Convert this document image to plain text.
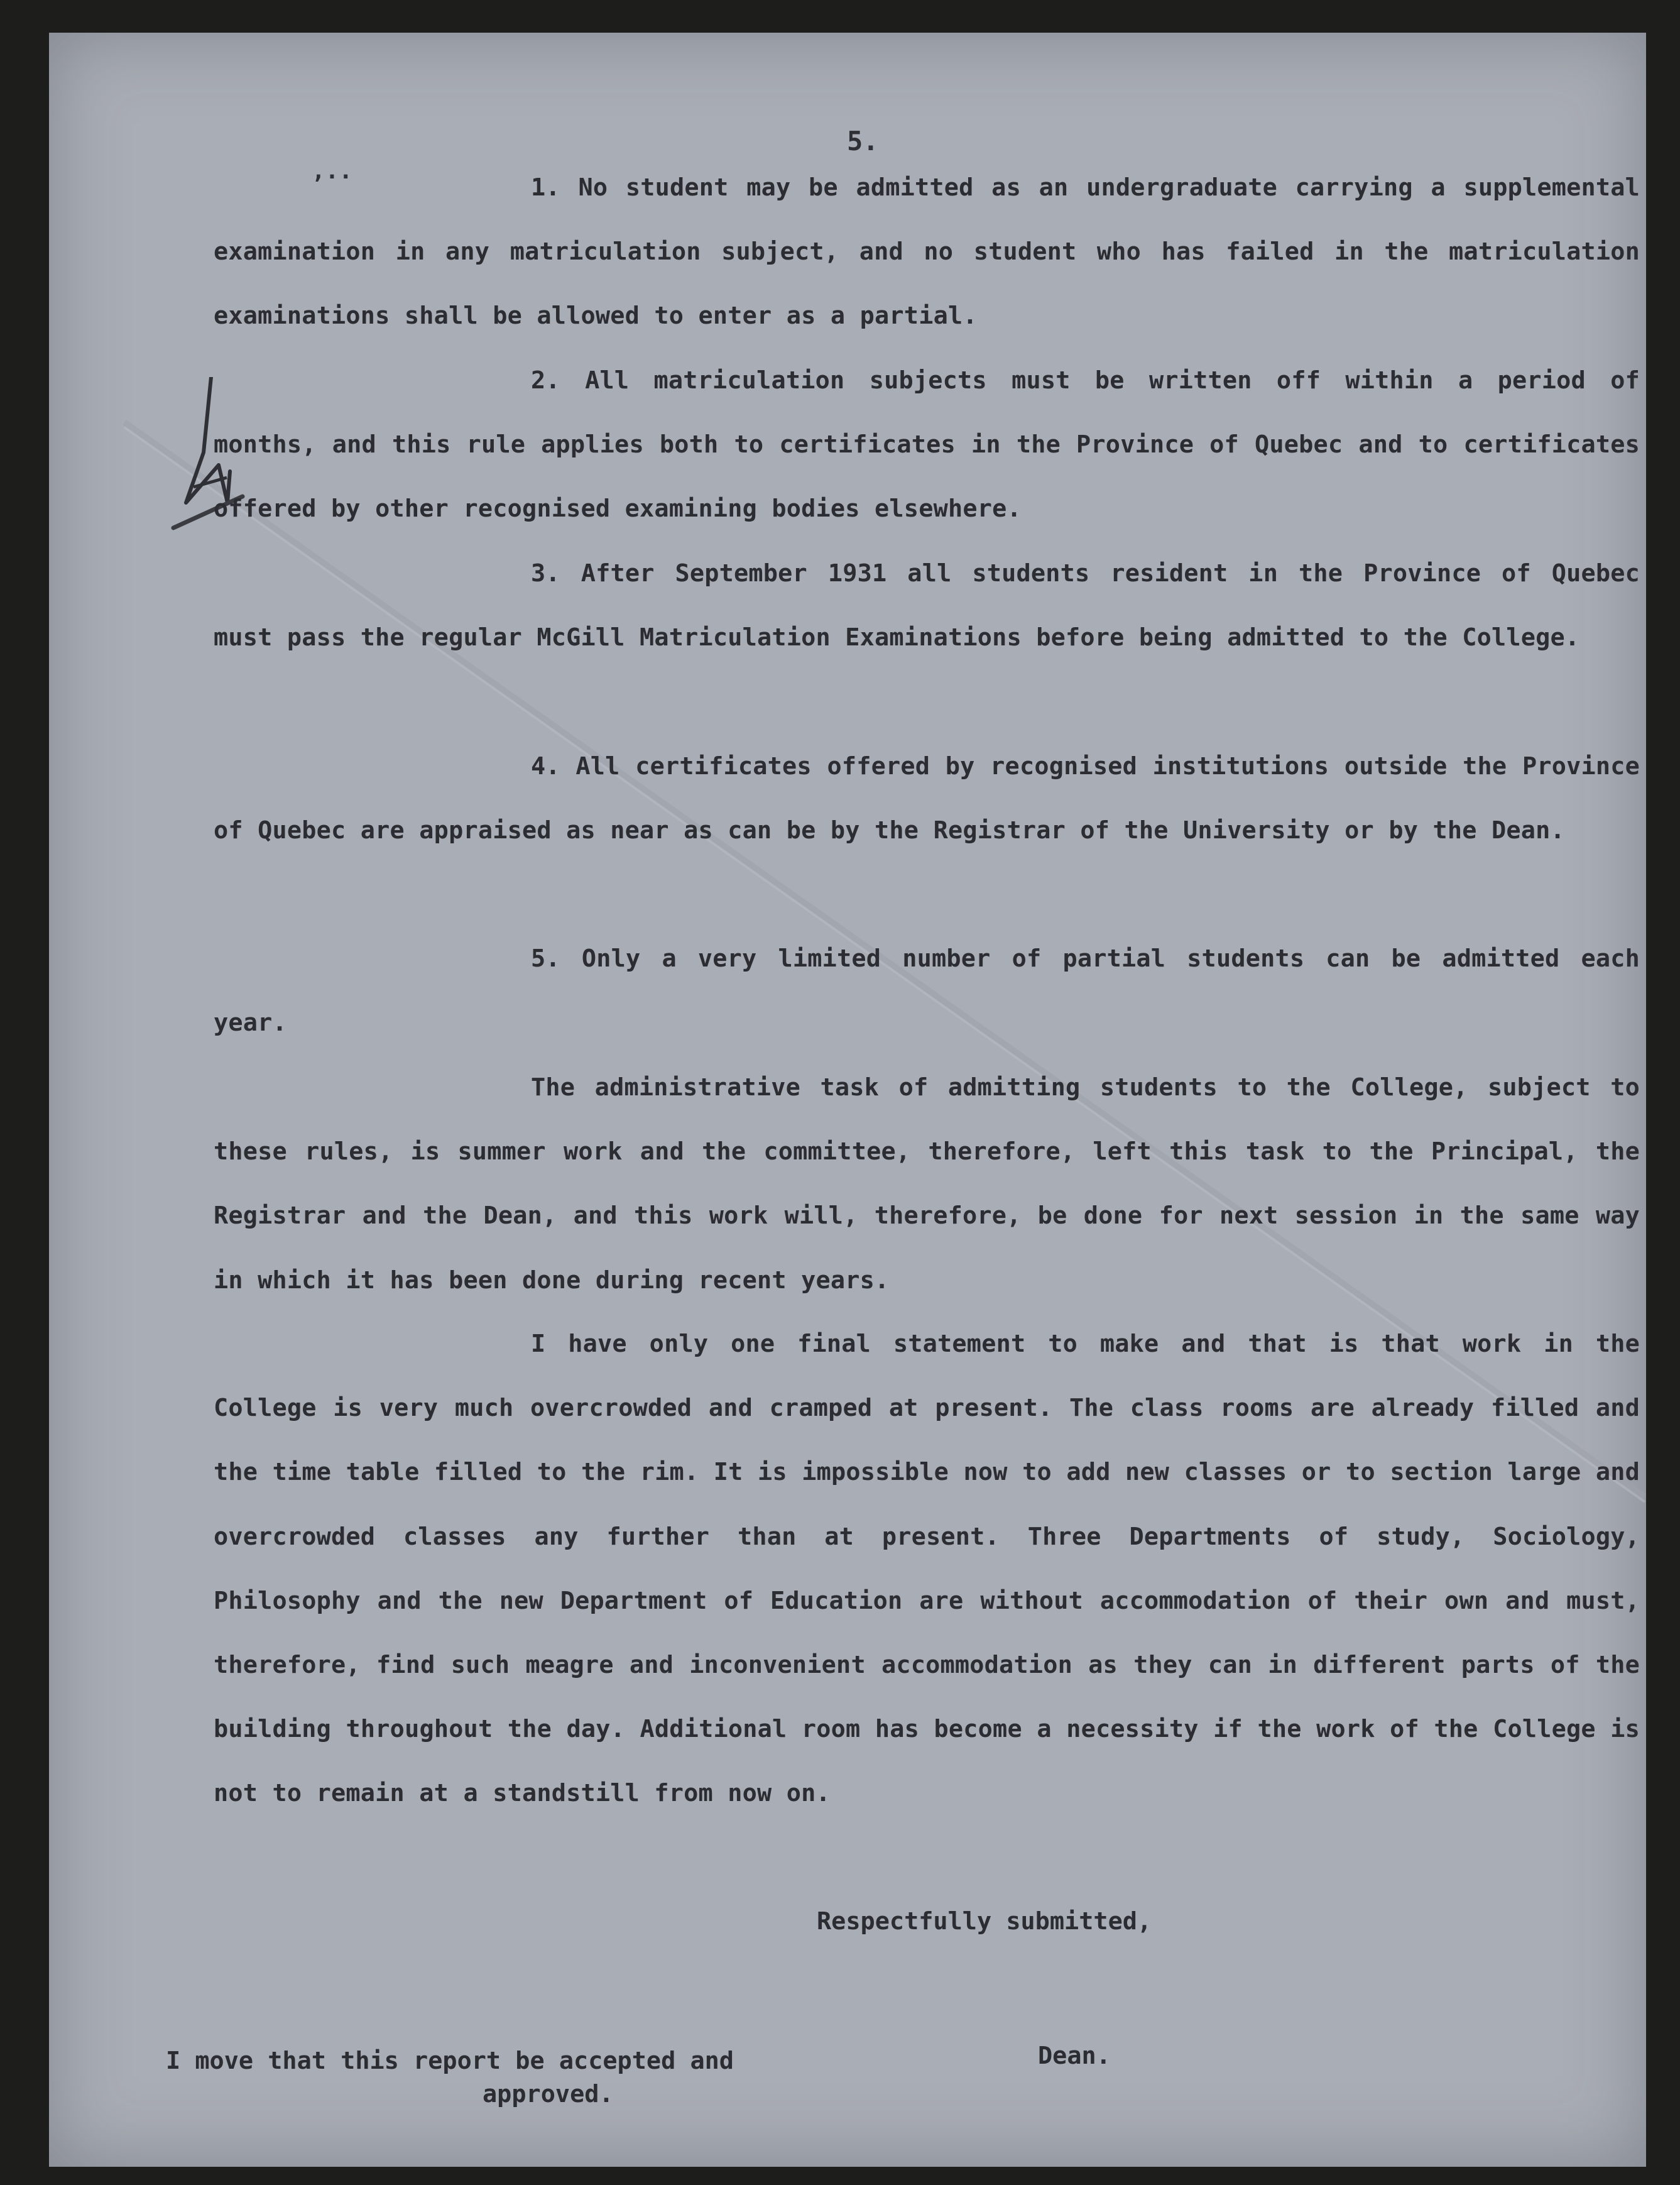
5.
,..

1. No student may be admitted as an undergraduate carrying a supplemental examination in any matriculation subject, and no student who has failed in the matriculation examinations shall be allowed to enter as a partial.

2. All matriculation subjects must be written off within a period of months, and this rule applies both to certificates in the Province of Quebec and to certificates offered by other recognised examining bodies elsewhere.

3. After September 1931 all students resident in the Province of Quebec must pass the regular McGill Matriculation Examinations before being admitted to the College.

4. All certificates offered by recognised institutions outside the Province of Quebec are appraised as near as can be by the Registrar of the University or by the Dean.

5. Only a very limited number of partial students can be admitted each year.

The administrative task of admitting students to the College, subject to these rules, is summer work and the committee, therefore, left this task to the Principal, the Registrar and the Dean, and this work will, therefore, be done for next session in the same way in which it has been done during recent years.

I have only one final statement to make and that is that work in the College is very much overcrowded and cramped at present. The class rooms are already filled and the time table filled to the rim. It is impossible now to add new classes or to section large and overcrowded classes any further than at present. Three Departments of study, Sociology, Philosophy and the new Department of Education are without accommodation of their own and must, therefore, find such meagre and inconvenient accommodation as they can in different parts of the building throughout the day. Additional room has become a necessity if the work of the College is not to remain at a standstill from now on.

Respectfully submitted,
Dean.
I move that this report be accepted and
approved.
